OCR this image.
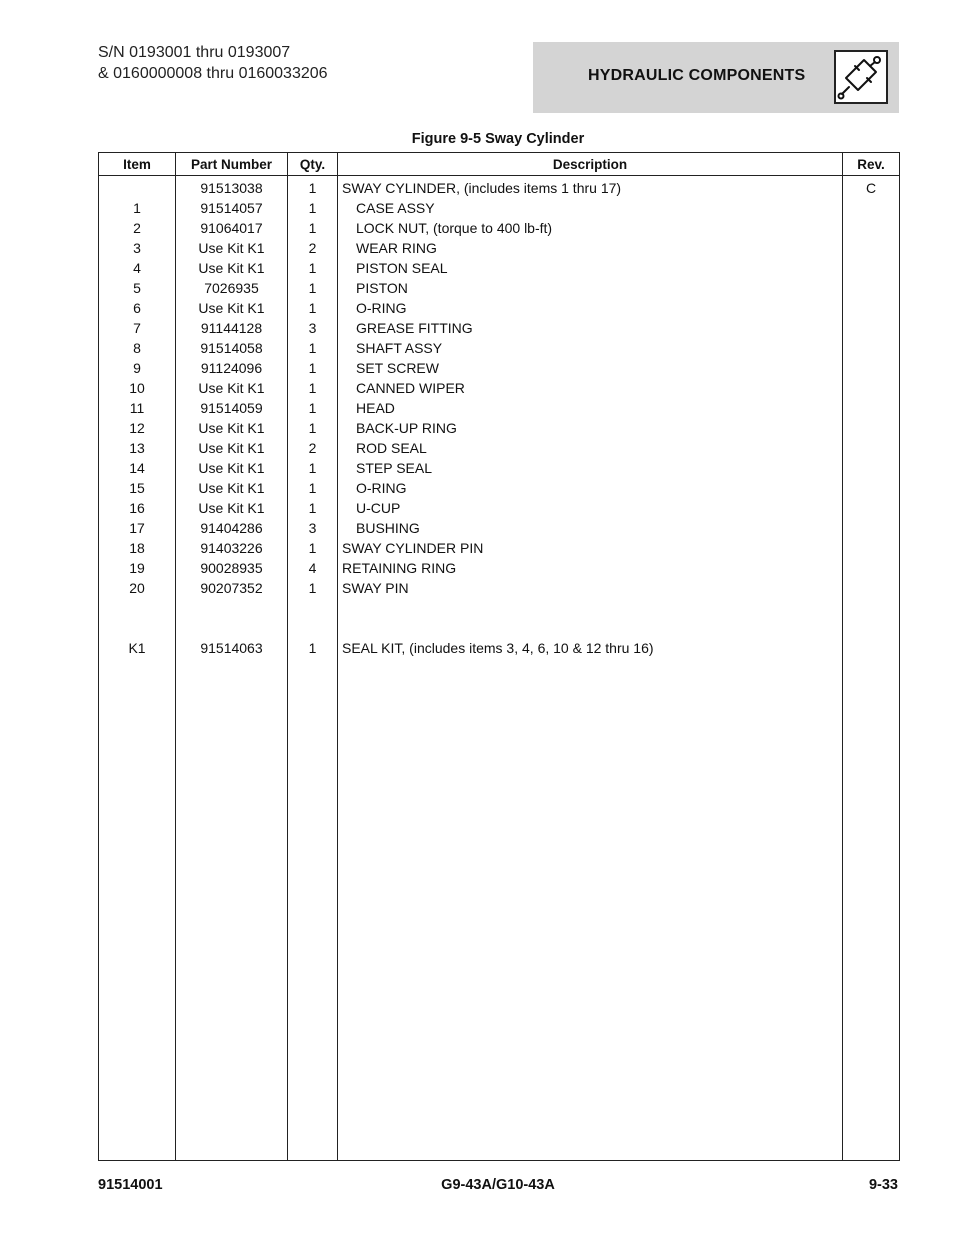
S/N 0193001 thru 0193007
& 0160000008 thru 0160033206	HYDRAULIC COMPONENTS
Figure 9-5 Sway Cylinder
Item	Part Number	Qty.	Description	Rev.
	91513038	1	SWAY CYLINDER, (includes items 1 thru 17)	C
1	91514057	1	CASE ASSY	
2	91064017	1	LOCK NUT, (torque to 400 lb-ft)	
3	Use Kit K1	2	WEAR RING	
4	Use Kit K1	1	PISTON SEAL	
5	7026935	1	PISTON	
6	Use Kit K1	1	O-RING	
7	91144128	3	GREASE FITTING	
8	91514058	1	SHAFT ASSY	
9	91124096	1	SET SCREW	
10	Use Kit K1	1	CANNED WIPER	
11	91514059	1	HEAD	
12	Use Kit K1	1	BACK-UP RING	
13	Use Kit K1	2	ROD SEAL	
14	Use Kit K1	1	STEP SEAL	
15	Use Kit K1	1	O-RING	
16	Use Kit K1	1	U-CUP	
17	91404286	3	BUSHING	
18	91403226	1	SWAY CYLINDER PIN	
19	90028935	4	RETAINING RING	
20	90207352	1	SWAY PIN	

K1	91514063	1	SEAL KIT, (includes items 3, 4, 6, 10 & 12 thru 16)	

91514001	G9-43A/G10-43A	9-33
